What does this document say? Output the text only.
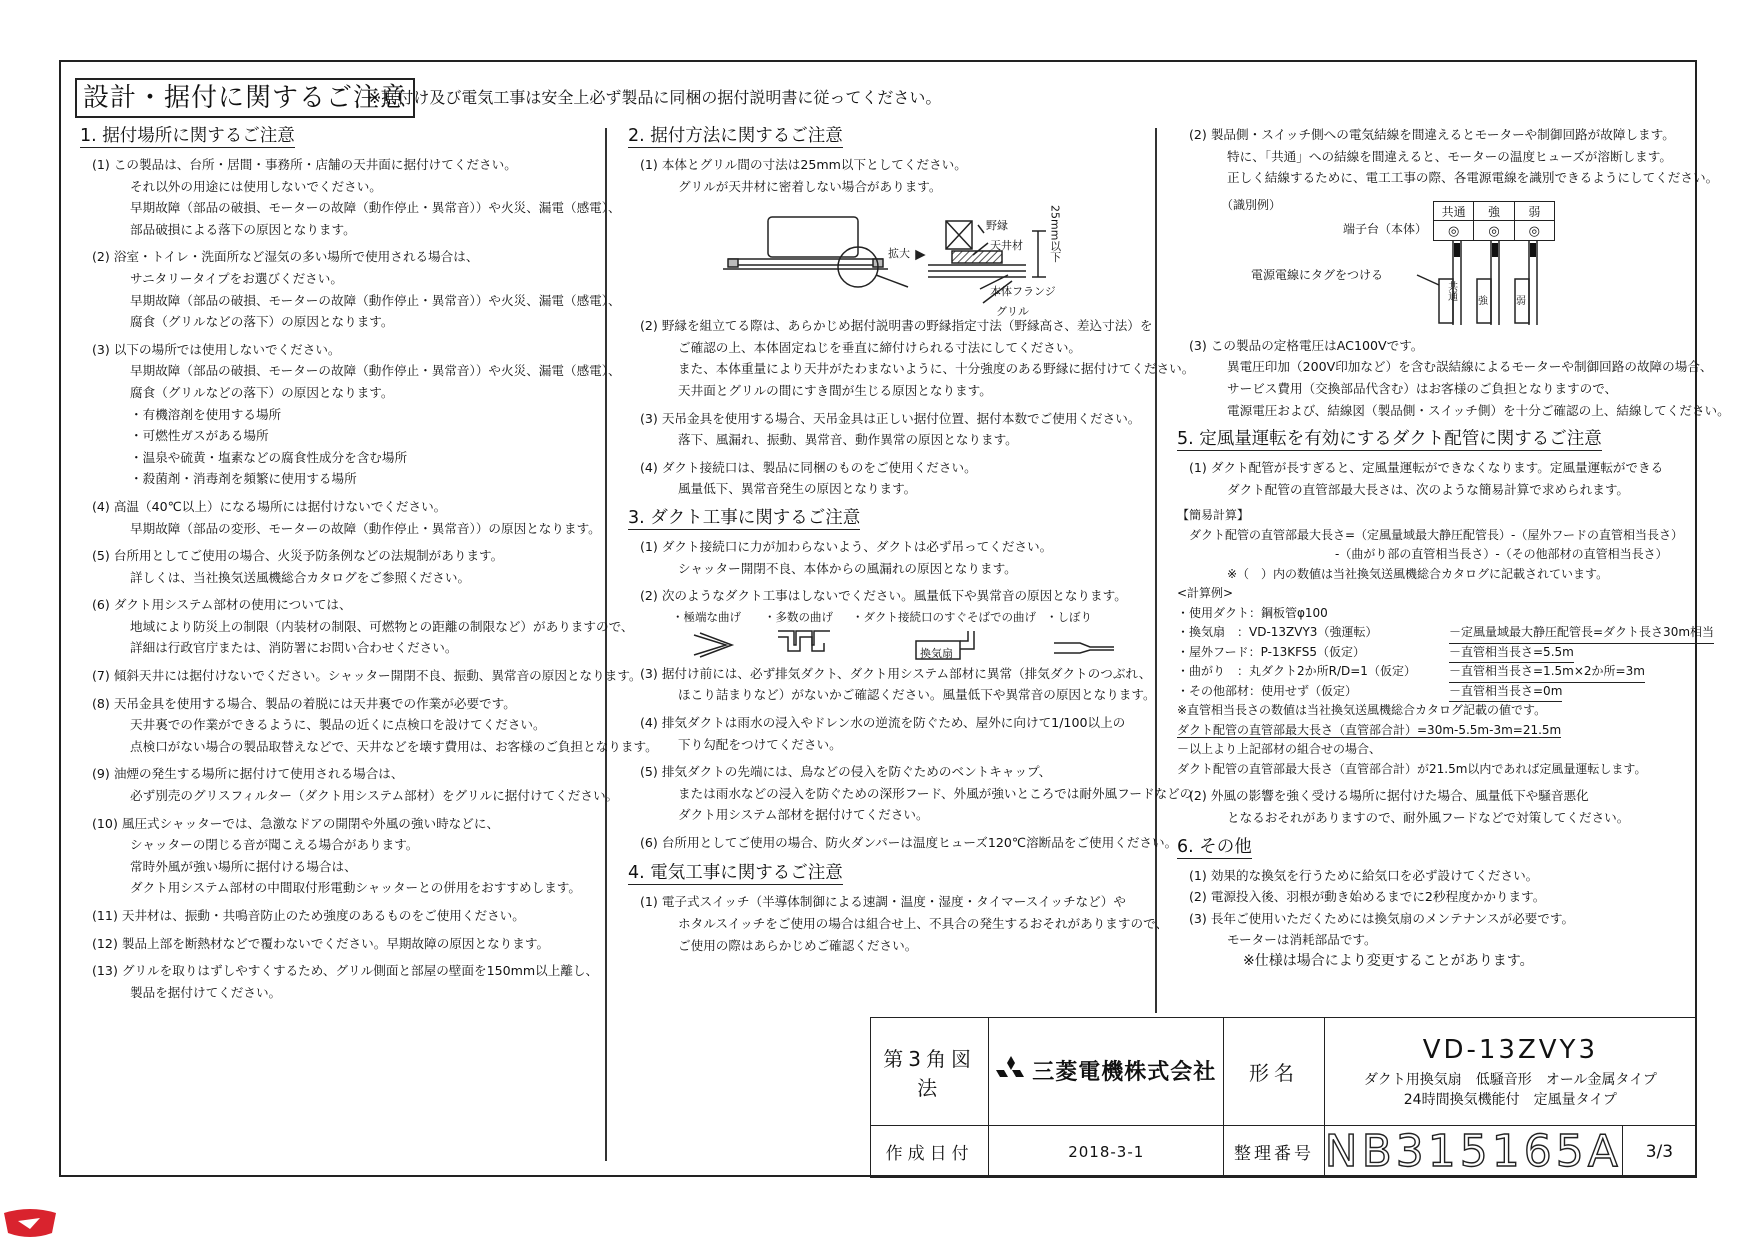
設計・据付に関するご注意
※据付け及び電気工事は安全上必ず製品に同梱の据付説明書に従ってください。
1. 据付場所に関するご注意
(1) この製品は、台所・居間・事務所・店舗の天井面に据付けてください。
それ以外の用途には使用しないでください。
早期故障（部品の破損、モーターの故障（動作停止・異常音））や火災、漏電（感電）、
部品破損による落下の原因となります。
(2) 浴室・トイレ・洗面所など湿気の多い場所で使用される場合は、
サニタリータイプをお選びください。
早期故障（部品の破損、モーターの故障（動作停止・異常音））や火災、漏電（感電）、
腐食（グリルなどの落下）の原因となります。
(3) 以下の場所では使用しないでください。
早期故障（部品の破損、モーターの故障（動作停止・異常音））や火災、漏電（感電）、
腐食（グリルなどの落下）の原因となります。
・有機溶剤を使用する場所
・可燃性ガスがある場所
・温泉や硫黄・塩素などの腐食性成分を含む場所
・殺菌剤・消毒剤を頻繁に使用する場所
(4) 高温（40℃以上）になる場所には据付けないでください。
早期故障（部品の変形、モーターの故障（動作停止・異常音））の原因となります。
(5) 台所用としてご使用の場合、火災予防条例などの法規制があります。
詳しくは、当社換気送風機総合カタログをご参照ください。
(6) ダクト用システム部材の使用については、
地域により防災上の制限（内装材の制限、可燃物との距離の制限など）がありますので、
詳細は行政官庁または、消防署にお問い合わせください。
(7) 傾斜天井には据付けないでください。シャッター開閉不良、振動、異常音の原因となります。
(8) 天吊金具を使用する場合、製品の着脱には天井裏での作業が必要です。
天井裏での作業ができるように、製品の近くに点検口を設けてください。
点検口がない場合の製品取替えなどで、天井などを壊す費用は、お客様のご負担となります。
(9) 油煙の発生する場所に据付けて使用される場合は、
必ず別売のグリスフィルター（ダクト用システム部材）をグリルに据付けてください。
(10) 風圧式シャッターでは、急激なドアの開閉や外風の強い時などに、
シャッターの閉じる音が聞こえる場合があります。
常時外風が強い場所に据付ける場合は、
ダクト用システム部材の中間取付形電動シャッターとの併用をおすすめします。
(11) 天井材は、振動・共鳴音防止のため強度のあるものをご使用ください。
(12) 製品上部を断熱材などで覆わないでください。早期故障の原因となります。
(13) グリルを取りはずしやすくするため、グリル側面と部屋の壁面を150mm以上離し、
製品を据付けてください。
2. 据付方法に関するご注意
(1) 本体とグリル間の寸法は25mm以下としてください。
グリルが天井材に密着しない場合があります。
野縁
天井材
本体フランジ
グリル
拡大	25mm以下
(2) 野縁を組立てる際は、あらかじめ据付説明書の野縁指定寸法（野縁高さ、差込寸法）を
ご確認の上、本体固定ねじを垂直に締付けられる寸法にしてください。
また、本体重量により天井がたわまないように、十分強度のある野縁に据付けてください。
天井面とグリルの間にすき間が生じる原因となります。
(3) 天吊金具を使用する場合、天吊金具は正しい据付位置、据付本数でご使用ください。
落下、風漏れ、振動、異常音、動作異常の原因となります。
(4) ダクト接続口は、製品に同梱のものをご使用ください。
風量低下、異常音発生の原因となります。
3. ダクト工事に関するご注意
(1) ダクト接続口に力が加わらないよう、ダクトは必ず吊ってください。
シャッター開閉不良、本体からの風漏れの原因となります。
(2) 次のようなダクト工事はしないでください。風量低下や異常音の原因となります。
・極端な曲げ ・多数の曲げ ・ダクト接続口のすぐそばでの曲げ ・しぼり
換気扇
(3) 据付け前には、必ず排気ダクト、ダクト用システム部材に異常（排気ダクトのつぶれ、
ほこり詰まりなど）がないかご確認ください。風量低下や異常音の原因となります。
(4) 排気ダクトは雨水の浸入やドレン水の逆流を防ぐため、屋外に向けて1/100以上の
下り勾配をつけてください。
(5) 排気ダクトの先端には、鳥などの侵入を防ぐためのベントキャップ、
または雨水などの浸入を防ぐための深形フード、外風が強いところでは耐外風フードなどの
ダクト用システム部材を据付けてください。
(6) 台所用としてご使用の場合、防火ダンパーは温度ヒューズ120℃溶断品をご使用ください。
4. 電気工事に関するご注意
(1) 電子式スイッチ（半導体制御による速調・温度・湿度・タイマースイッチなど）や
ホタルスイッチをご使用の場合は組合せ上、不具合の発生するおそれがありますので、
ご使用の際はあらかじめご確認ください。
(2) 製品側・スイッチ側への電気結線を間違えるとモーターや制御回路が故障します。
特に、「共通」への結線を間違えると、モーターの温度ヒューズが溶断します。
正しく結線するために、電工工事の際、各電源電線を識別できるようにしてください。
（識別例）
端子台（本体）
共通	強	弱
◎	◎	◎
電源電線にタグをつける
共通
強	弱
(3) この製品の定格電圧はAC100Vです。
異電圧印加（200V印加など）を含む誤結線によるモーターや制御回路の故障の場合、
サービス費用（交換部品代含む）はお客様のご負担となりますので、
電源電圧および、結線図（製品側・スイッチ側）を十分ご確認の上、結線してください。
5. 定風量運転を有効にするダクト配管に関するご注意
(1) ダクト配管が長すぎると、定風量運転ができなくなります。定風量運転ができる
ダクト配管の直管部最大長さは、次のような簡易計算で求められます。
【簡易計算】
ダクト配管の直管部最大長さ=（定風量域最大静圧配管長）-（屋外フードの直管相当長さ）
-（曲がり部の直管相当長さ）-（その他部材の直管相当長さ）
※（　）内の数値は当社換気送風機総合カタログに記載されています。
<計算例>
・使用ダクト：鋼板管φ100
・換気扇　：VD-13ZVY3（強運転）	－定風量域最大静圧配管長=ダクト長さ30m相当
・屋外フード：P-13KFS5（仮定）	－直管相当長さ=5.5m
・曲がり　：丸ダクト2か所R/D=1（仮定）	－直管相当長さ=1.5m×2か所=3m
・その他部材：使用せず（仮定）	－直管相当長さ=0m
※直管相当長さの数値は当社換気送風機総合カタログ記載の値です。
ダクト配管の直管部最大長さ（直管部合計）=30m-5.5m-3m=21.5m
－以上より上記部材の組合せの場合、
ダクト配管の直管部最大長さ（直管部合計）が21.5m以内であれば定風量運転します。
(2) 外風の影響を強く受ける場所に据付けた場合、風量低下や騒音悪化
となるおそれがありますので、耐外風フードなどで対策してください。
6. その他
(1) 効果的な換気を行うために給気口を必ず設けてください。
(2) 電源投入後、羽根が動き始めるまでに2秒程度かかります。
(3) 長年ご使用いただくためには換気扇のメンテナンスが必要です。
モーターは消耗部品です。
※仕様は場合により変更することがあります。
第3角図法	三菱電機株式会社	形名	VD-13ZVY3
ダクト用換気扇　低騒音形　オール金属タイプ
24時間換気機能付　定風量タイプ	

作成日付	2018-3-1	整理番号	NB315165A	3/3
